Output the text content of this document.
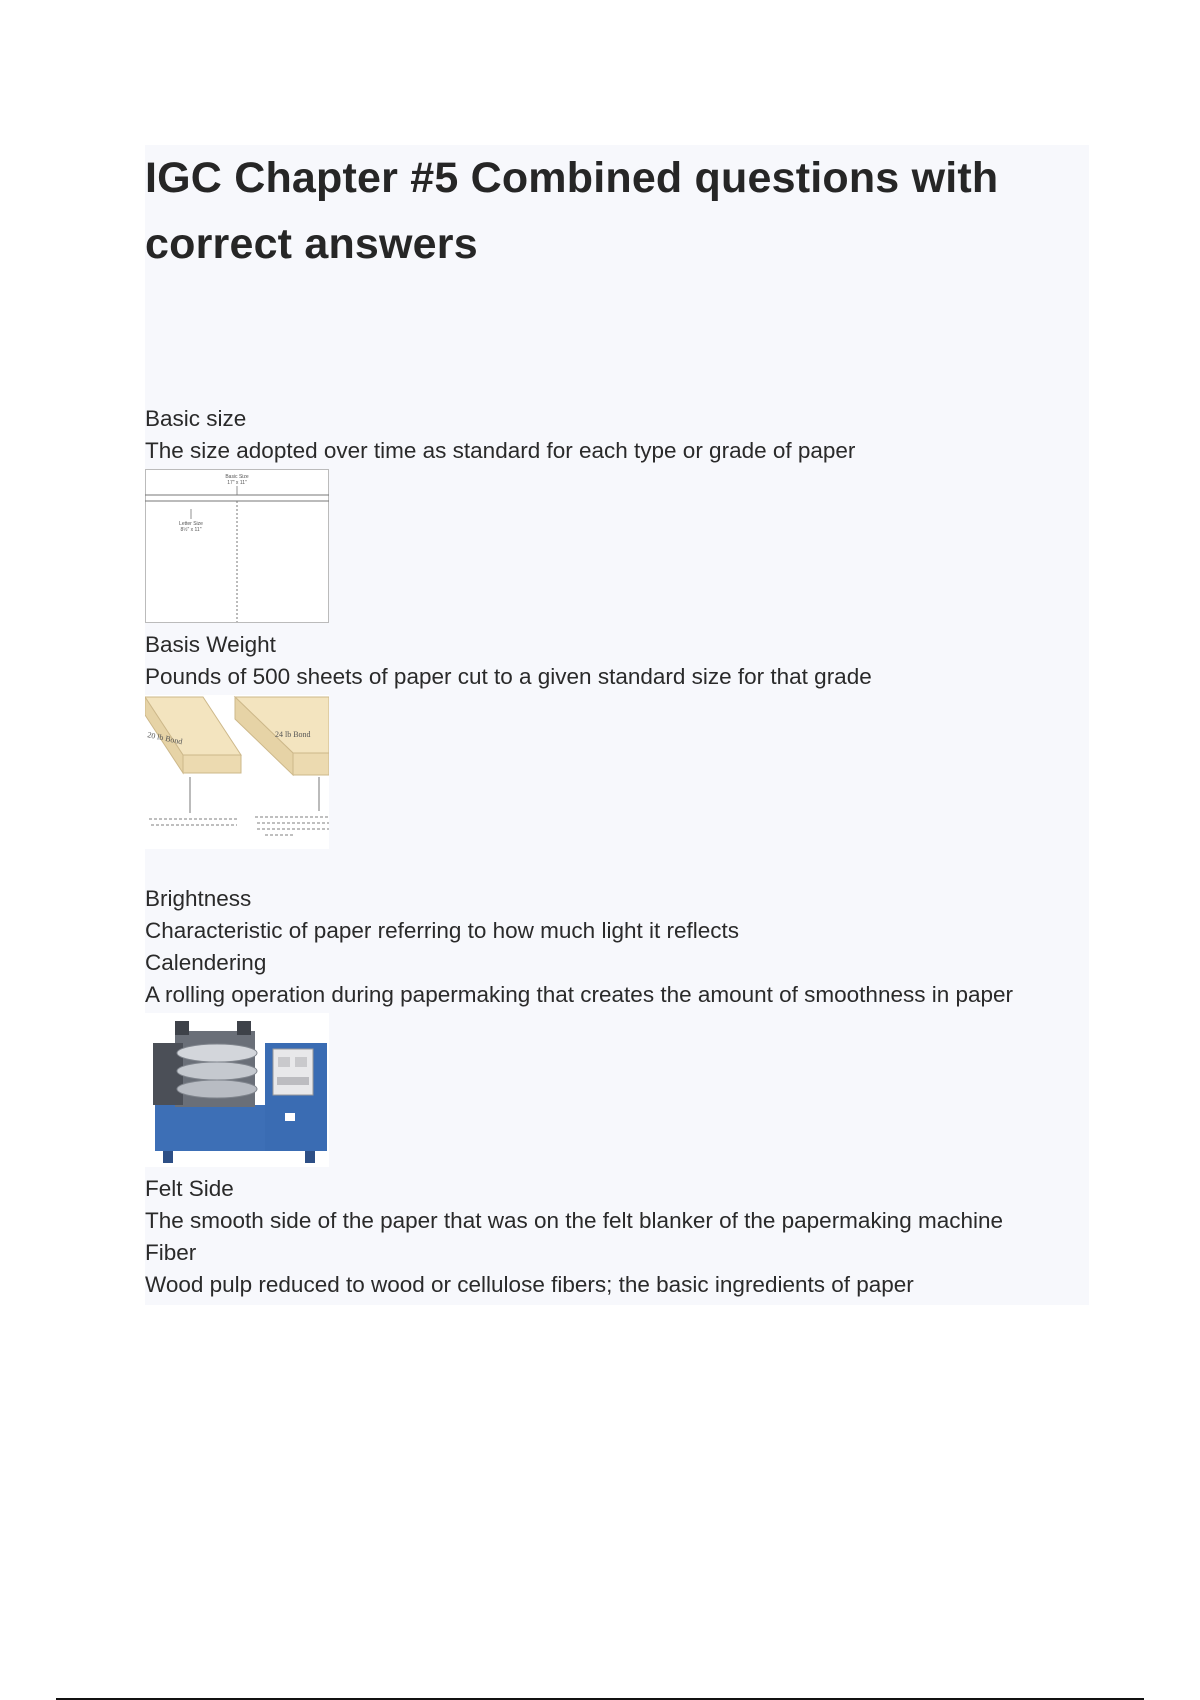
IGC Chapter #5 Combined questions with correct answers
Basic size
The size adopted over time as standard for each type or grade of paper
Basic Size
17" x 11"
Letter Size
8½" x 11"
Basis Weight
Pounds of 500 sheets of paper cut to a given standard size for that grade
20 lb Bond	24 lb Bond
Brightness
Characteristic of paper referring to how much light it reflects
Calendering
A rolling operation during papermaking that creates the amount of smoothness in paper
Felt Side
The smooth side of the paper that was on the felt blanker of the papermaking machine
Fiber
Wood pulp reduced to wood or cellulose fibers; the basic ingredients of paper
